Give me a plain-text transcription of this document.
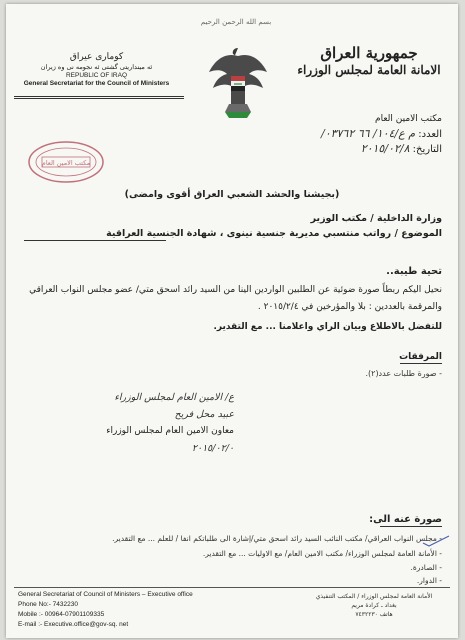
بسم الله الرحمن الرحيم
جمهورية العراق
الامانة العامة لمجلس الوزراء
كومارى عيراق
ئه مينداريتى گشتى ئه نجومه نى وه زيران
REPUBLIC OF IRAQ
General Secretariat for the Council of Ministers
مكتب الامين العام
العدد: م ع/١٠٤/ ٦٦ ٠٣٧٦٢/
التاريخ: ٢٠١٥/٠٢/٨
مكتب الامين العام
(بجيشنا والحشد الشعبي العراق أقوى وامضى)
وزارة الداخلية / مكتب الوزير
الموضوع / رواتب منتسبي مديرية جنسية نينوى ، شهادة الجنسية العراقية
تحية طيبة..
نحيل اليكم ربطاً صورة ضوئية عن الطلبين الواردين الينا من السيد رائد اسحق متي/ عضو مجلس النواب العراقي والمرقمة بالعددين : بلا والمؤرخين في ٢٠١٥/٢/٤ .
للتفضل بالاطلاع وبيان الراي واعلامنا ... مع التقدير.
المرفقات
- صورة طلبات عدد(٢).
ع/ الامين العام لمجلس الوزراء
عبيد محل فريح
معاون الامين العام لمجلس الوزراء
٢٠١٥/٠٢/٠
صورة عنه الى:
- مجلس النواب العراقي/ مكتب النائب السيد رائد اسحق متي/إشارة الى طلباتكم انفا / للعلم ... مع التقدير.
- الأمانة العامة لمجلس الوزراء/ مكتب الامين العام/ مع الاوليات ... مع التقدير.
- الصادرة.
- الدوار.
General Secretariat of Council of Ministers – Executive office
Phone No:- 7432230
Mobile :- 00964-07901109335
E-mail :- Executive.office@gov-sq. net
الأمانة العامة لمجلس الوزراء / المكتب التنفيذي
بغداد ـ كرادة مريم
هاتف ٧٤٣٢٢٣٠
